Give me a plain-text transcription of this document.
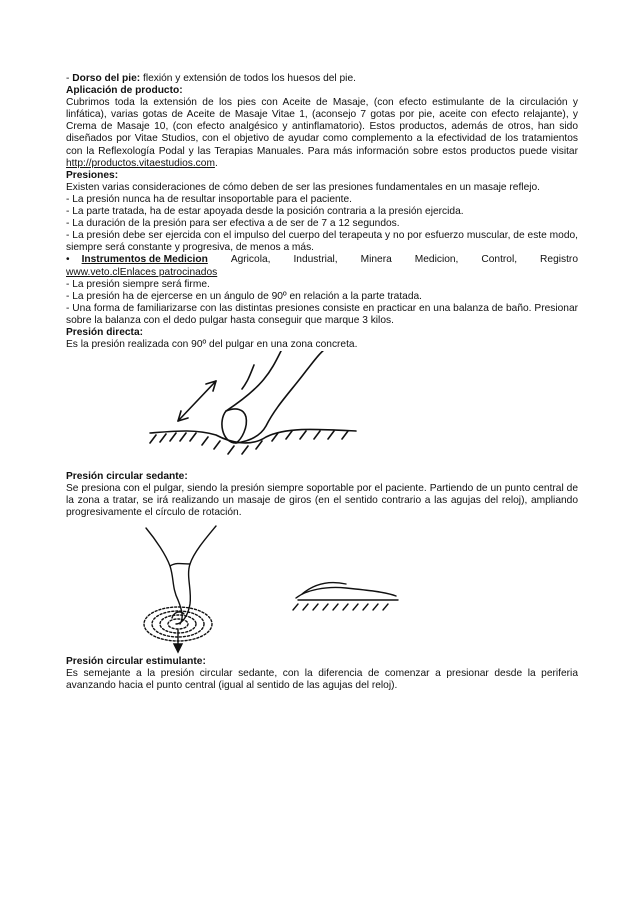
- Dorso del pie: flexión y extensión de todos los huesos del pie.

Aplicación de producto:

Cubrimos toda la extensión de los pies con Aceite de Masaje, (con efecto estimulante de la circulación y linfática), varias gotas de Aceite de Masaje Vitae 1, (aconsejo 7 gotas por pie, aceite con efecto relajante), y Crema de Masaje 10, (con efecto analgésico y antinflamatorio). Estos productos, además de otros, han sido diseñados por Vitae Studios, con el objetivo de ayudar como complemento a la efectividad de los tratamientos con la Reflexología Podal y las Terapias Manuales. Para más información sobre estos productos puede visitar http://productos.vitaestudios.com.

Presiones:

Existen varias consideraciones de cómo deben de ser las presiones fundamentales en un masaje reflejo.

- La presión nunca ha de resultar insoportable para el paciente.

- La parte tratada, ha de estar apoyada desde la posición contraria a la presión ejercida.

- La duración de la presión para ser efectiva a de ser de 7 a 12 segundos.

- La presión debe ser ejercida con el impulso del cuerpo del terapeuta y no por esfuerzo muscular, de este modo, siempre será constante y progresiva, de menos a más.

• Instrumentos de Medicion Agricola, Industrial, Minera Medicion, Control, Registro

www.veto.clEnlaces patrocinados

- La presión siempre será firme.

- La presión ha de ejercerse en un ángulo de 90º en relación a la parte tratada.

- Una forma de familiarizarse con las distintas presiones consiste en practicar en una balanza de baño. Presionar sobre la balanza con el dedo pulgar hasta conseguir que marque 3 kilos.

Presión directa:

Es la presión realizada con 90º del pulgar en una zona concreta.

Presión circular sedante:

Se presiona con el pulgar, siendo la presión siempre soportable por el paciente. Partiendo de un punto central de la zona a tratar, se irá realizando un masaje de giros (en el sentido contrario a las agujas del reloj), ampliando progresivamente el círculo de rotación.

Presión circular estimulante:

Es semejante a la presión circular sedante, con la diferencia de comenzar a presionar desde la periferia avanzando hacia el punto central (igual al sentido de las agujas del reloj).
